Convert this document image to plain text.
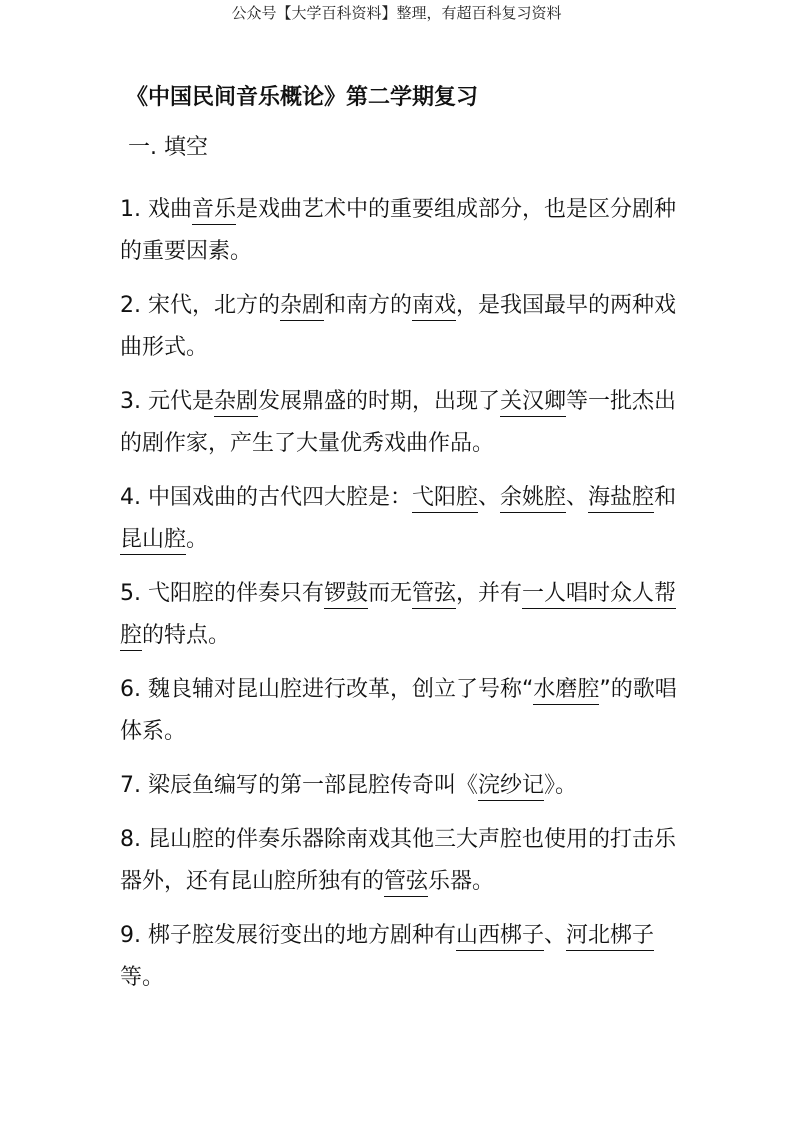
公众号【大学百科资料】整理，有超百科复习资料
《中国民间音乐概论》第二学期复习
一. 填空

1. 戏曲音乐是戏曲艺术中的重要组成部分，也是区分剧种的重要因素。

2. 宋代，北方的杂剧和南方的南戏，是我国最早的两种戏曲形式。

3. 元代是杂剧发展鼎盛的时期，出现了关汉卿等一批杰出的剧作家，产生了大量优秀戏曲作品。

4. 中国戏曲的古代四大腔是：弋阳腔、余姚腔、海盐腔和昆山腔。

5. 弋阳腔的伴奏只有锣鼓而无管弦，并有一人唱时众人帮腔的特点。

6. 魏良辅对昆山腔进行改革，创立了号称“水磨腔”的歌唱体系。

7. 梁辰鱼编写的第一部昆腔传奇叫《浣纱记》。

8. 昆山腔的伴奏乐器除南戏其他三大声腔也使用的打击乐器外，还有昆山腔所独有的管弦乐器。

9. 梆子腔发展衍变出的地方剧种有山西梆子、河北梆子等。
